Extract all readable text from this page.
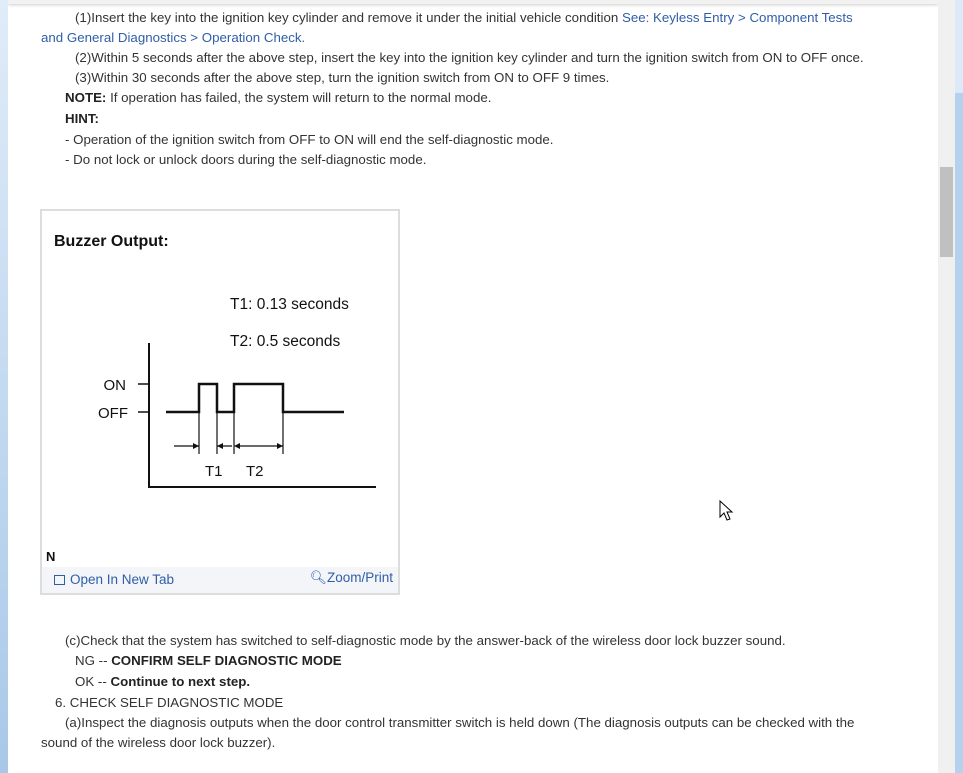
(1)Insert the key into the ignition key cylinder and remove it under the initial vehicle condition See: Keyless Entry > Component Tests
and General Diagnostics > Operation Check.
(2)Within 5 seconds after the above step, insert the key into the ignition key cylinder and turn the ignition switch from ON to OFF once.
(3)Within 30 seconds after the above step, turn the ignition switch from ON to OFF 9 times.
NOTE: If operation has failed, the system will return to the normal mode.
HINT:
- Operation of the ignition switch from OFF to ON will end the self-diagnostic mode.
- Do not lock or unlock doors during the self-diagnostic mode.
Buzzer Output:
T1: 0.13 seconds
T2: 0.5 seconds
ON
OFF
T1 T2
N
Open In New Tab	🔍︎Zoom/Print
(c)Check that the system has switched to self-diagnostic mode by the answer-back of the wireless door lock buzzer sound.
NG -- CONFIRM SELF DIAGNOSTIC MODE
OK -- Continue to next step.
6. CHECK SELF DIAGNOSTIC MODE
(a)Inspect the diagnosis outputs when the door control transmitter switch is held down (The diagnosis outputs can be checked with the
sound of the wireless door lock buzzer).
